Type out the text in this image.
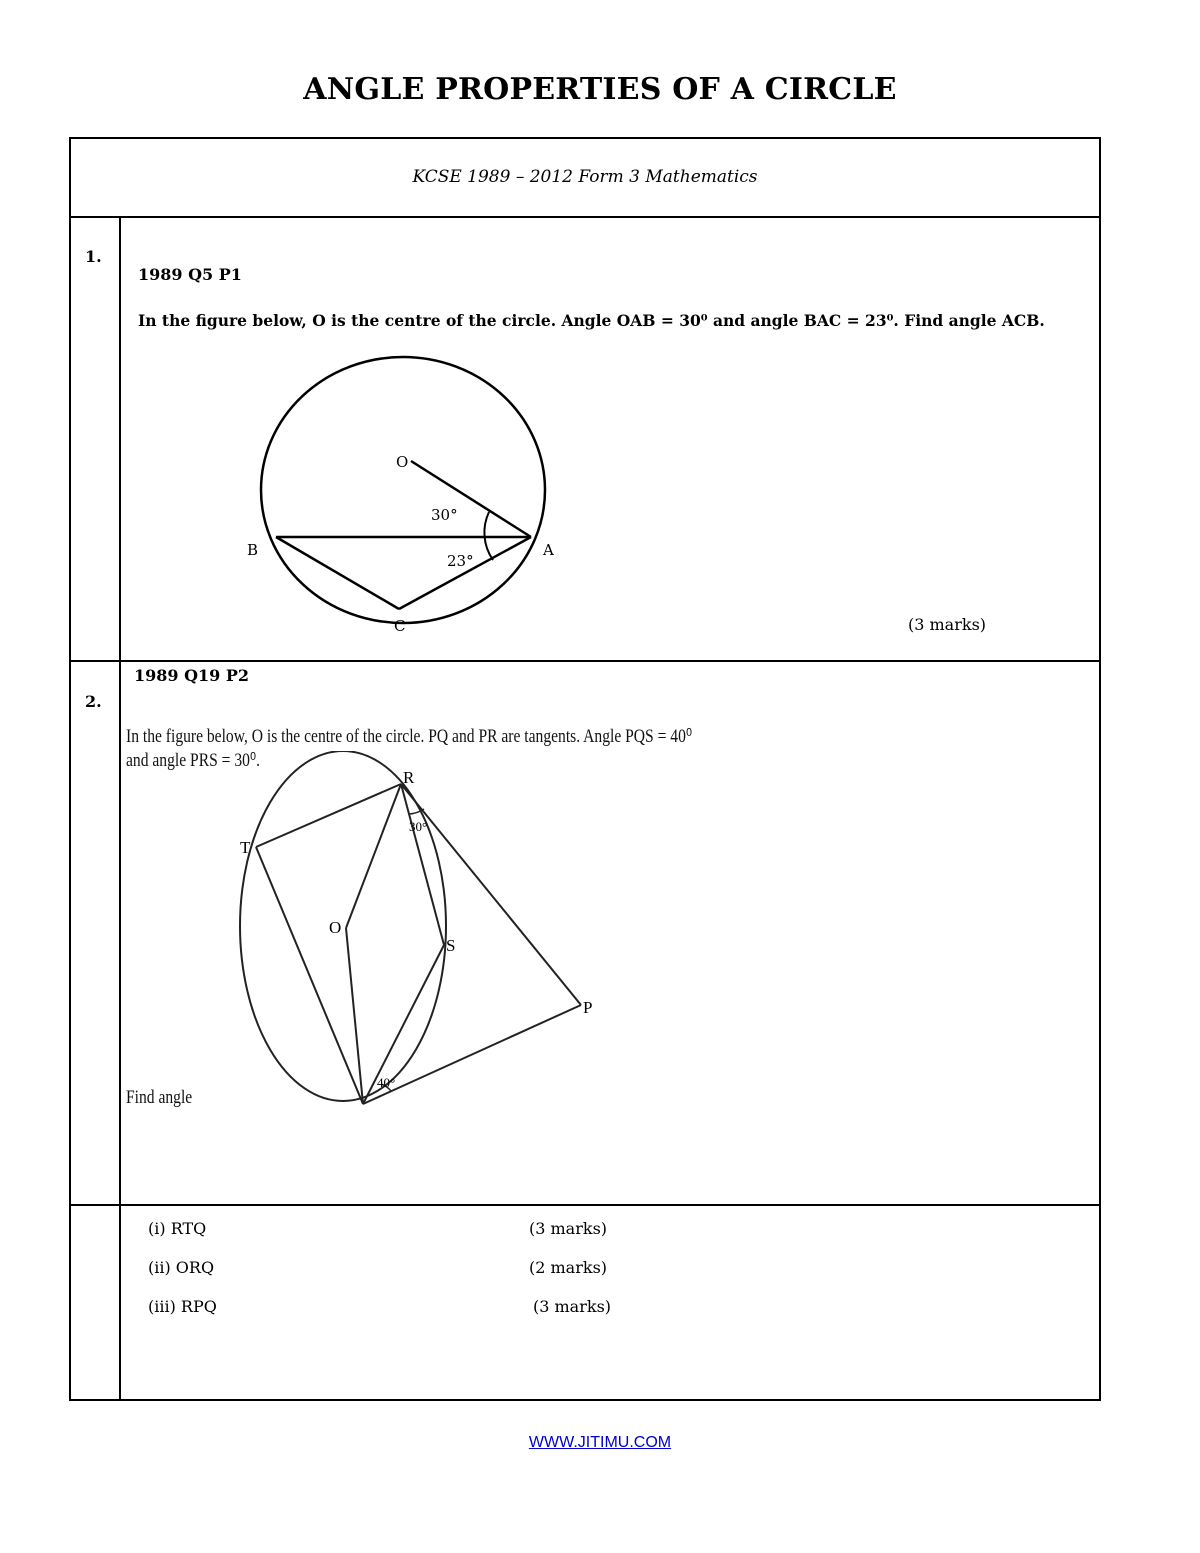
ANGLE PROPERTIES OF A CIRCLE
KCSE 1989 – 2012 Form 3 Mathematics
1.
1989 Q5 P1
In the figure below, O is the centre of the circle. Angle OAB = 30⁰ and angle BAC = 23⁰. Find angle ACB.
O
30°
23°
B	A
C	(3 marks)
1989 Q19 P2
2.
In the figure below, O is the centre of the circle. PQ and PR are tangents. Angle PQS = 40⁰
and angle PRS = 30⁰.
R
T
O
S
P
30°
40°
Find angle
(i) RTQ	(3 marks)
(ii) ORQ	(2 marks)
(iii) RPQ	(3 marks)
WWW.JITIMU.COM
